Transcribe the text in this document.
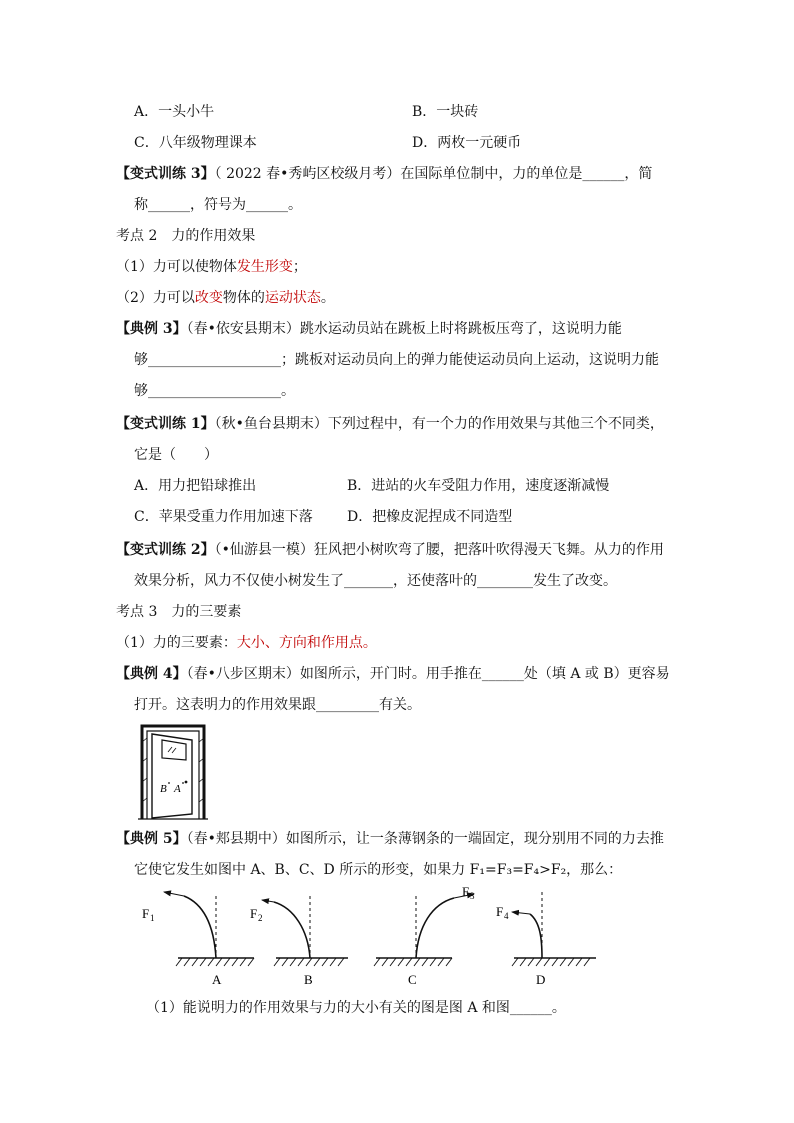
A．一头小牛	B．一块砖
C．八年级物理课本	D．两枚一元硬币
【变式训练 3】（ 2022 春•秀屿区校级月考）在国际单位制中，力的单位是______，简
称______，符号为______。
考点 2　力的作用效果
（1）力可以使物体发生形变；
（2）力可以改变物体的运动状态。
【典例 3】（春•依安县期末）跳水运动员站在跳板上时将跳板压弯了，这说明力能
够___________________；跳板对运动员向上的弹力能使运动员向上运动，这说明力能
够___________________。
【变式训练 1】（秋•鱼台县期末）下列过程中，有一个力的作用效果与其他三个不同类，
它是（　　）
A．用力把铅球推出	B．进站的火车受阻力作用，速度逐渐减慢
C．苹果受重力作用加速下落 D．把橡皮泥捏成不同造型
【变式训练 2】（•仙游县一模）狂风把小树吹弯了腰，把落叶吹得漫天飞舞。从力的作用
效果分析，风力不仅使小树发生了_______，还使落叶的________发生了改变。
考点 3　力的三要素
（1）力的三要素：大小、方向和作用点。
【典例 4】（春•八步区期末）如图所示，开门时。用手推在______处（填 A 或 B）更容易
打开。这表明力的作用效果跟_________有关。
B A
【典例 5】（春•郏县期中）如图所示，让一条薄钢条的一端固定，现分别用不同的力去推
它使它发生如图中 A、B、C、D 所示的形变，如果力 F₁=F₃=F₄>F₂，那么：
F 1
A
F 2
B
F 3
C
F 4
D
（1）能说明力的作用效果与力的大小有关的图是图 A 和图______。
